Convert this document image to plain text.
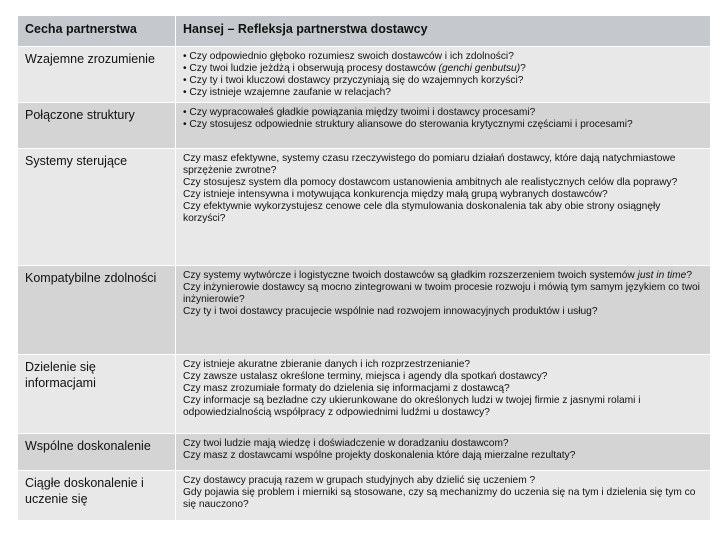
Cecha partnerstwa	Hansej – Refleksja partnerstwa dostawcy
Wzajemne zrozumienie	• Czy odpowiednio głęboko rozumiesz swoich dostawców i ich zdolności?
• Czy twoi ludzie jeżdżą i obserwują procesy dostawców (genchi genbutsu)?
• Czy ty i twoi kluczowi dostawcy przyczyniają się do wzajemnych korzyści?
• Czy istnieje wzajemne zaufanie w relacjach?

Połączone struktury	• Czy wypracowałeś gładkie powiązania między twoimi i dostawcy procesami?
• Czy stosujesz odpowiednie struktury aliansowe do sterowania krytycznymi częściami i procesami?

Systemy sterujące	Czy masz efektywne, systemy czasu rzeczywistego do pomiaru działań dostawcy, które dają natychmiastowe sprzężenie zwrotne?
Czy stosujesz system dla pomocy dostawcom ustanowienia ambitnych ale realistycznych celów dla poprawy?
Czy istnieje intensywna i motywująca konkurencja między małą grupą wybranych dostawców?
Czy efektywnie wykorzystujesz cenowe cele dla stymulowania doskonalenia tak aby obie strony osiągnęły korzyści?

Kompatybilne zdolności	Czy systemy wytwórcze i logistyczne twoich dostawców są gładkim rozszerzeniem twoich systemów just in time?
Czy inżynierowie dostawcy są mocno zintegrowani w twoim procesie rozwoju i mówią tym samym językiem co twoi inżynierowie?
Czy ty i twoi dostawcy pracujecie wspólnie nad rozwojem innowacyjnych produktów i usług?

Dzielenie się informacjami	Czy istnieje akuratne zbieranie danych i ich rozprzestrzenianie?
Czy zawsze ustalasz określone terminy, miejsca i agendy dla spotkań dostawcy?
Czy masz zrozumiałe formaty do dzielenia się informacjami z dostawcą?
Czy informacje są bezładne czy ukierunkowane do określonych ludzi w twojej firmie z jasnymi rolami i odpowiedzialnością współpracy z odpowiednimi ludźmi u dostawcy?

Wspólne doskonalenie	Czy twoi ludzie mają wiedzę i doświadczenie w doradzaniu dostawcom?
Czy masz z dostawcami wspólne projekty doskonalenia które dają mierzalne rezultaty?

Ciągłe doskonalenie i uczenie się	Czy dostawcy pracują razem w grupach studyjnych aby dzielić się uczeniem ?
Gdy pojawia się problem i mierniki są stosowane, czy są mechanizmy do uczenia się na tym i dzielenia się tym co się nauczono?
